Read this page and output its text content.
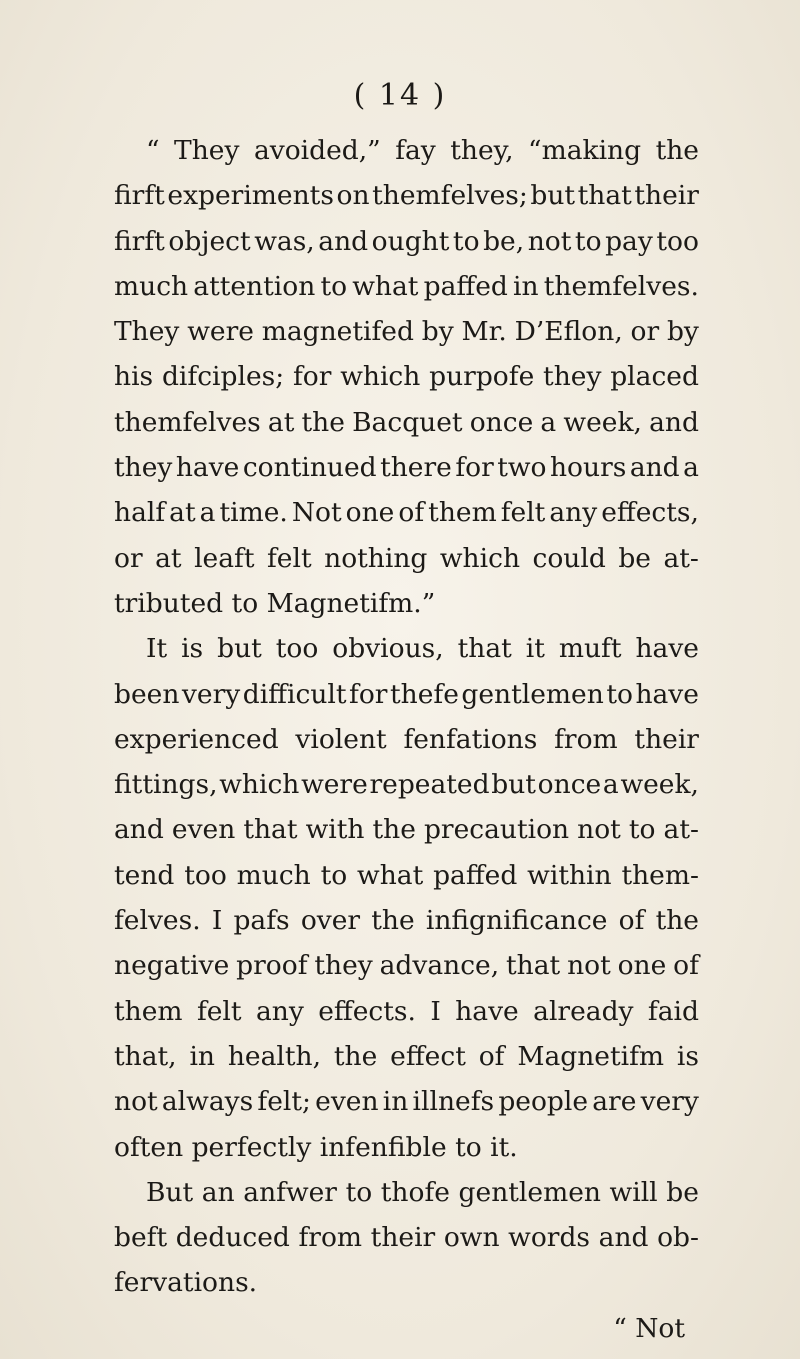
( 14 )
“ They avoided,” fay they, “making the
firft experiments on themfelves; but that their
firft object was, and ought to be, not to pay too
much attention to what paffed in themfelves.
They were magnetifed by Mr. D’Eflon, or by
his difciples; for which purpofe they placed
themfelves at the Bacquet once a week, and
they have continued there for two hours and a
half at a time. Not one of them felt any effects,
or at leaft felt nothing which could be at-
tributed to Magnetifm.”
It is but too obvious, that it muft have
been very difficult for thefe gentlemen to have
experienced violent fenfations from their
fittings, which were repeated but once a week,
and even that with the precaution not to at-
tend too much to what paffed within them-
felves. I pafs over the infignificance of the
negative proof they advance, that not one of
them felt any effects. I have already faid
that, in health, the effect of Magnetifm is
not always felt; even in illnefs people are very
often perfectly infenfible to it.
But an anfwer to thofe gentlemen will be
beft deduced from their own words and ob-
fervations.
“ Not
